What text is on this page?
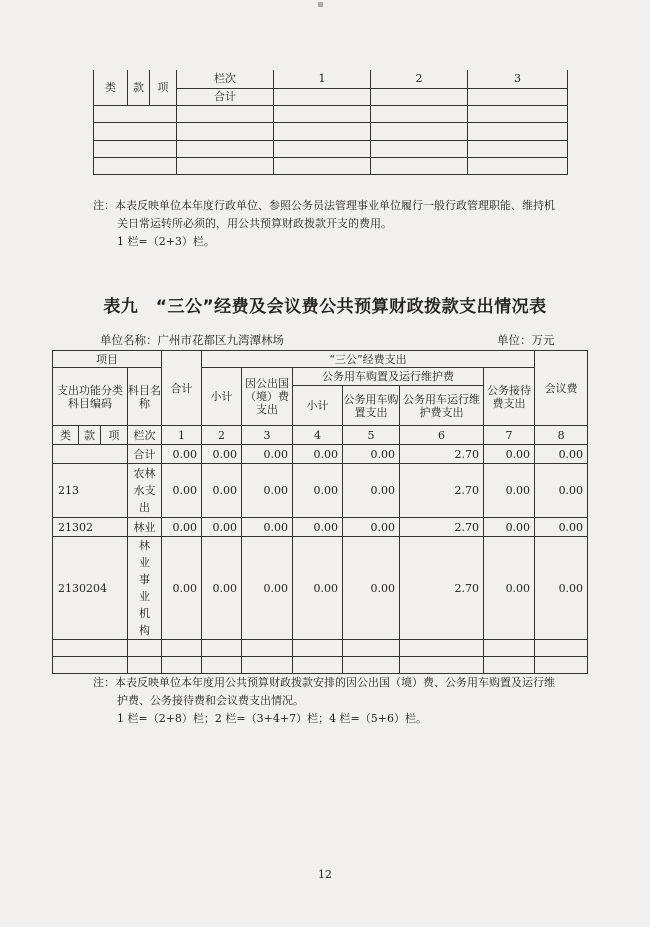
类	款	项	栏次	1	2	3
			合计			

注：本表反映单位本年度行政单位、参照公务员法管理事业单位履行一般行政管理职能、维持机
关日常运转所必须的，用公共预算财政拨款开支的费用。
1 栏=（2+3）栏。
表九　“三公”经费及会议费公共预算财政拨款支出情况表
单位名称：广州市花都区九湾潭林场	单位：万元
项目				合计	“三公”经费支出						会议费
支出功能分类科目编码			科目名称		小计	因公出国（境）费支出	公务用车购置及运行维护费			公务接待费支出	
							小计	公务用车购置支出	公务用车运行维护费支出		
类	款	项	栏次	1	2	3	4	5	6	7	8
			合计	0.00	0.00	0.00	0.00	0.00	2.70	0.00	0.00
213			农林水支出	0.00	0.00	0.00	0.00	0.00	2.70	0.00	0.00
21302			林业	0.00	0.00	0.00	0.00	0.00	2.70	0.00	0.00
2130204			林业事业机构	0.00	0.00	0.00	0.00	0.00	2.70	0.00	0.00

注：本表反映单位本年度用公共预算财政拨款安排的因公出国（境）费、公务用车购置及运行维
护费、公务接待费和会议费支出情况。
1 栏=（2+8）栏；2 栏=（3+4+7）栏；4 栏=（5+6）栏。
12
